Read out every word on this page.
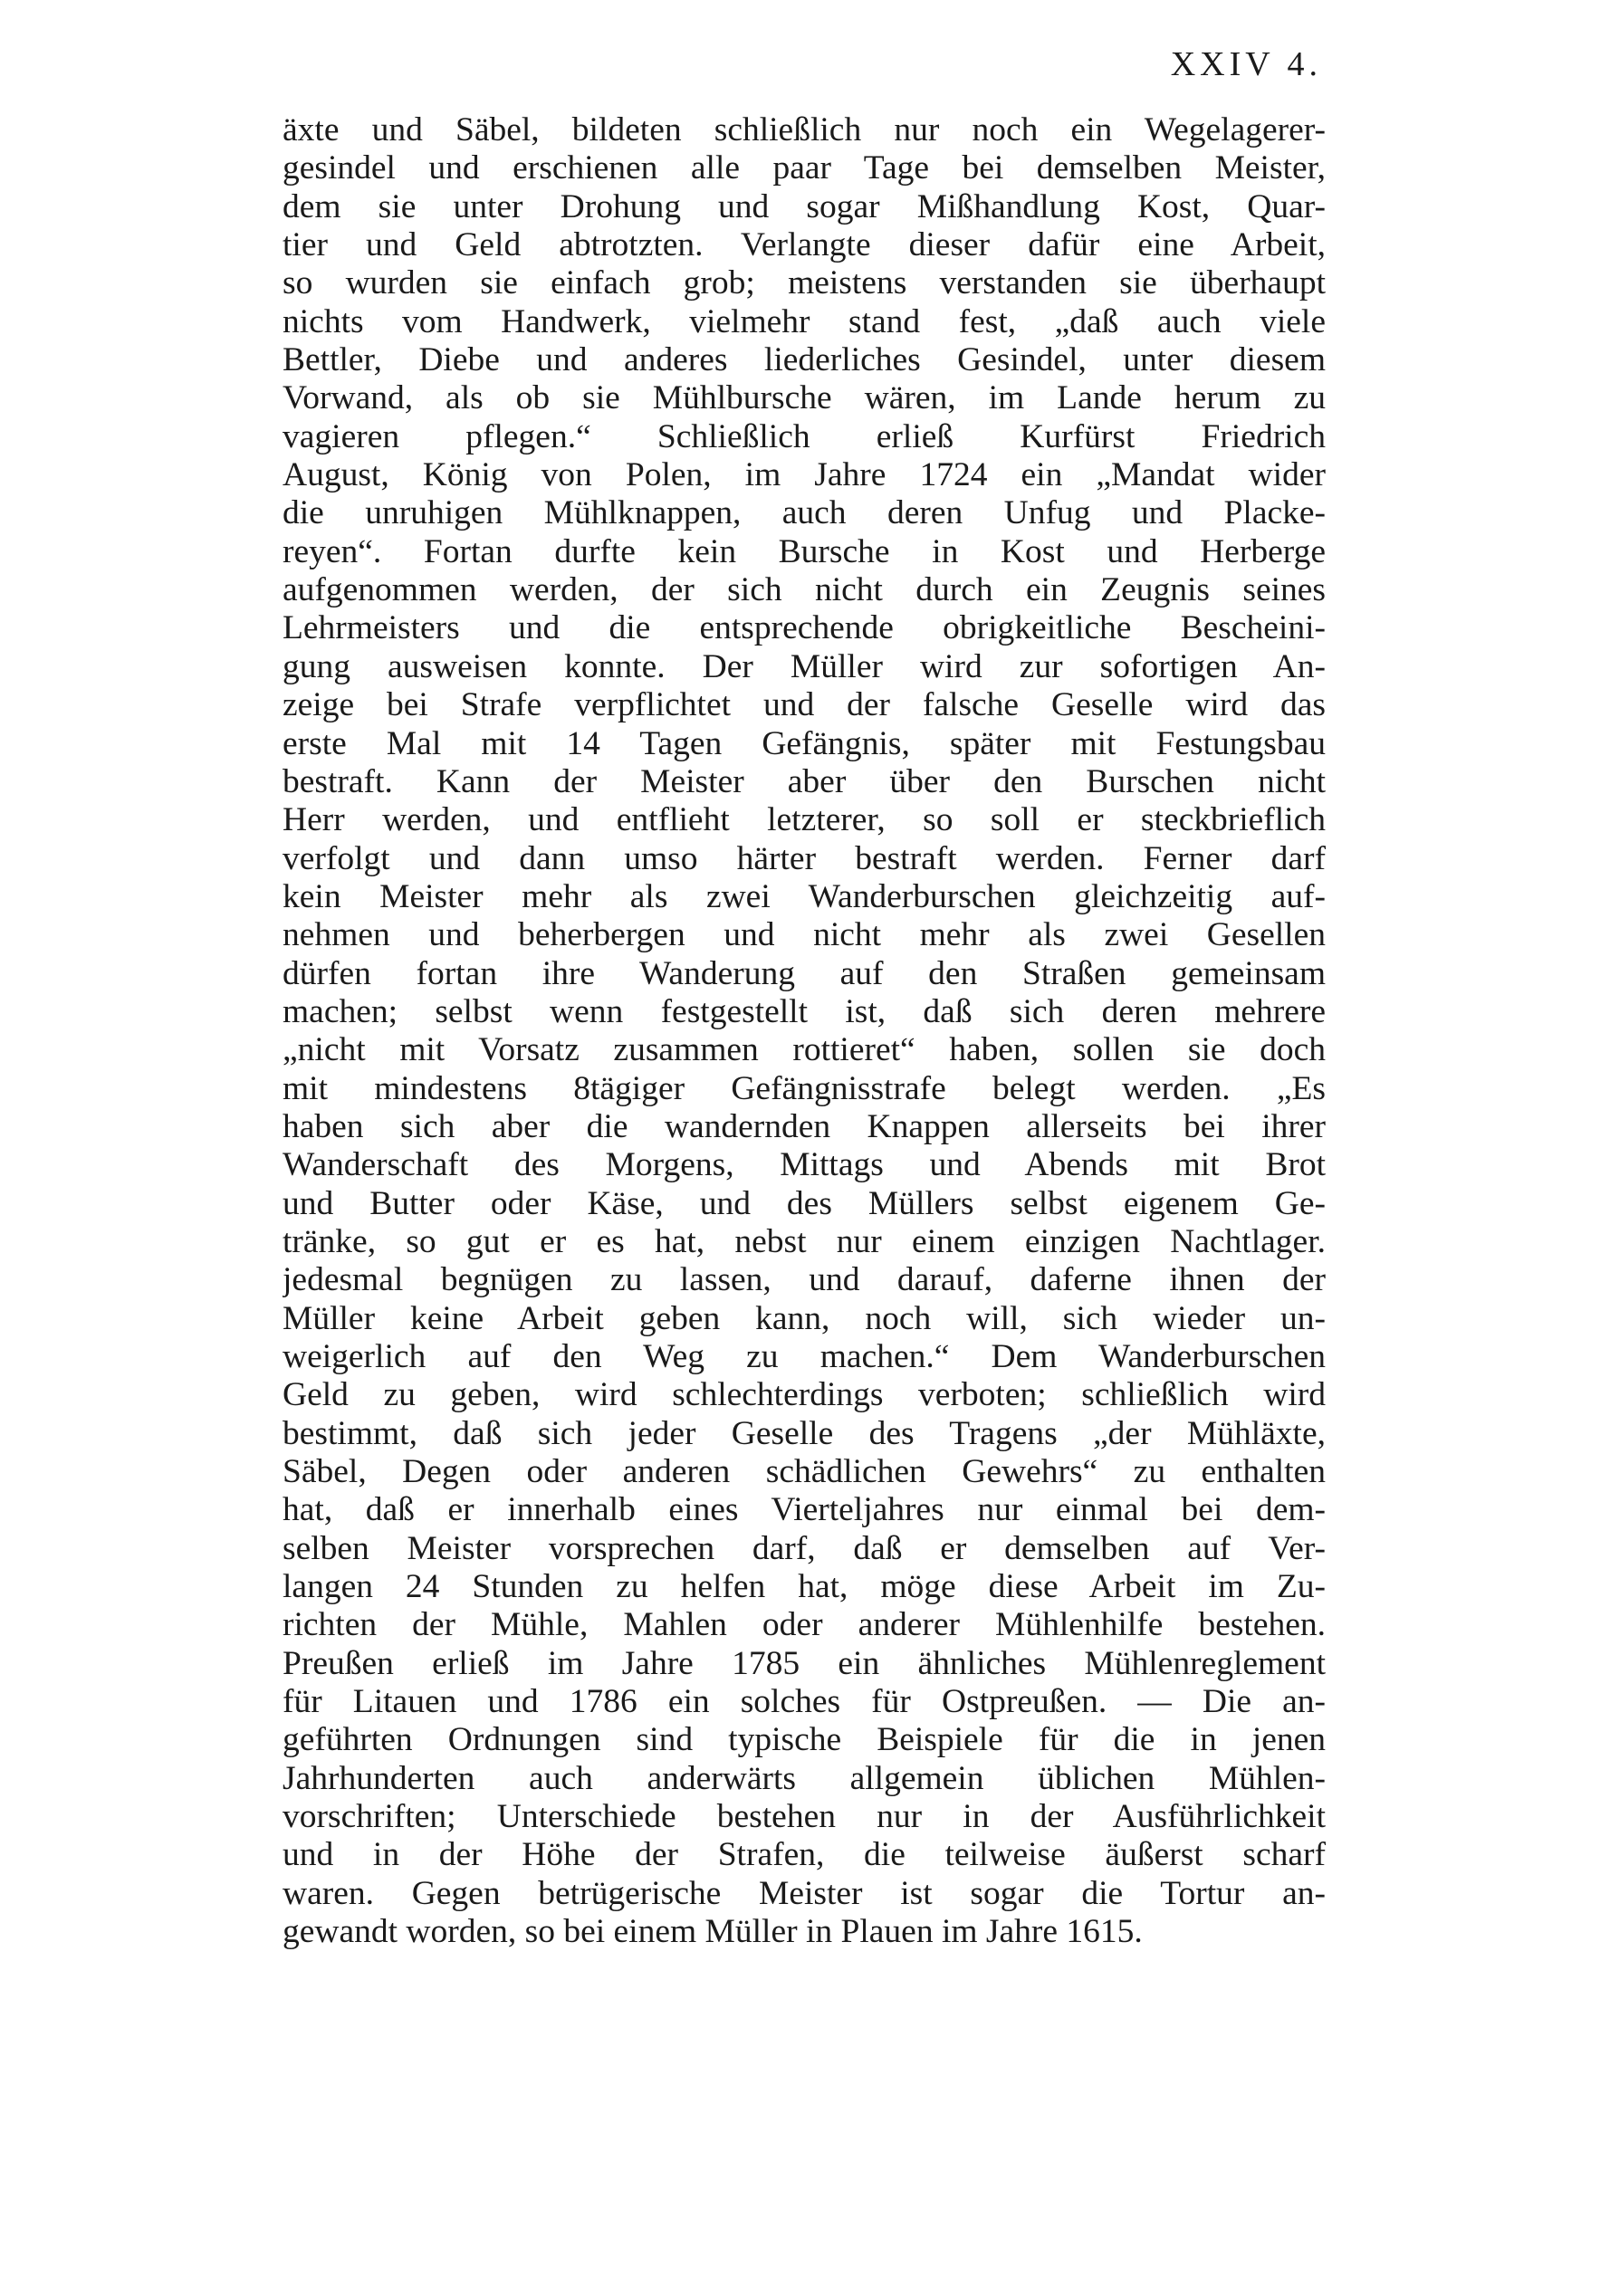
XXIV 4.
äxte und Säbel, bildeten schließlich nur noch ein Wegelagerer-
gesindel und erschienen alle paar Tage bei demselben Meister,
dem sie unter Drohung und sogar Mißhandlung Kost, Quar-
tier und Geld abtrotzten. Verlangte dieser dafür eine Arbeit,
so wurden sie einfach grob; meistens verstanden sie überhaupt
nichts vom Handwerk, vielmehr stand fest, „daß auch viele
Bettler, Diebe und anderes liederliches Gesindel, unter diesem
Vorwand, als ob sie Mühlbursche wären, im Lande herum zu
vagieren pflegen.“ Schließlich erließ Kurfürst Friedrich
August, König von Polen, im Jahre 1724 ein „Mandat wider
die unruhigen Mühlknappen, auch deren Unfug und Placke-
reyen“. Fortan durfte kein Bursche in Kost und Herberge
aufgenommen werden, der sich nicht durch ein Zeugnis seines
Lehrmeisters und die entsprechende obrigkeitliche Bescheini-
gung ausweisen konnte. Der Müller wird zur sofortigen An-
zeige bei Strafe verpflichtet und der falsche Geselle wird das
erste Mal mit 14 Tagen Gefängnis, später mit Festungsbau
bestraft. Kann der Meister aber über den Burschen nicht
Herr werden, und entflieht letzterer, so soll er steckbrieflich
verfolgt und dann umso härter bestraft werden. Ferner darf
kein Meister mehr als zwei Wanderburschen gleichzeitig auf-
nehmen und beherbergen und nicht mehr als zwei Gesellen
dürfen fortan ihre Wanderung auf den Straßen gemeinsam
machen; selbst wenn festgestellt ist, daß sich deren mehrere
„nicht mit Vorsatz zusammen rottieret“ haben, sollen sie doch
mit mindestens 8tägiger Gefängnisstrafe belegt werden. „Es
haben sich aber die wandernden Knappen allerseits bei ihrer
Wanderschaft des Morgens, Mittags und Abends mit Brot
und Butter oder Käse, und des Müllers selbst eigenem Ge-
tränke, so gut er es hat, nebst nur einem einzigen Nachtlager.
jedesmal begnügen zu lassen, und darauf, daferne ihnen der
Müller keine Arbeit geben kann, noch will, sich wieder un-
weigerlich auf den Weg zu machen.“ Dem Wanderburschen
Geld zu geben, wird schlechterdings verboten; schließlich wird
bestimmt, daß sich jeder Geselle des Tragens „der Mühläxte,
Säbel, Degen oder anderen schädlichen Gewehrs“ zu enthalten
hat, daß er innerhalb eines Vierteljahres nur einmal bei dem-
selben Meister vorsprechen darf, daß er demselben auf Ver-
langen 24 Stunden zu helfen hat, möge diese Arbeit im Zu-
richten der Mühle, Mahlen oder anderer Mühlenhilfe bestehen.
Preußen erließ im Jahre 1785 ein ähnliches Mühlenreglement
für Litauen und 1786 ein solches für Ostpreußen. — Die an-
geführten Ordnungen sind typische Beispiele für die in jenen
Jahrhunderten auch anderwärts allgemein üblichen Mühlen-
vorschriften; Unterschiede bestehen nur in der Ausführlichkeit
und in der Höhe der Strafen, die teilweise äußerst scharf
waren. Gegen betrügerische Meister ist sogar die Tortur an-
gewandt worden, so bei einem Müller in Plauen im Jahre 1615.
